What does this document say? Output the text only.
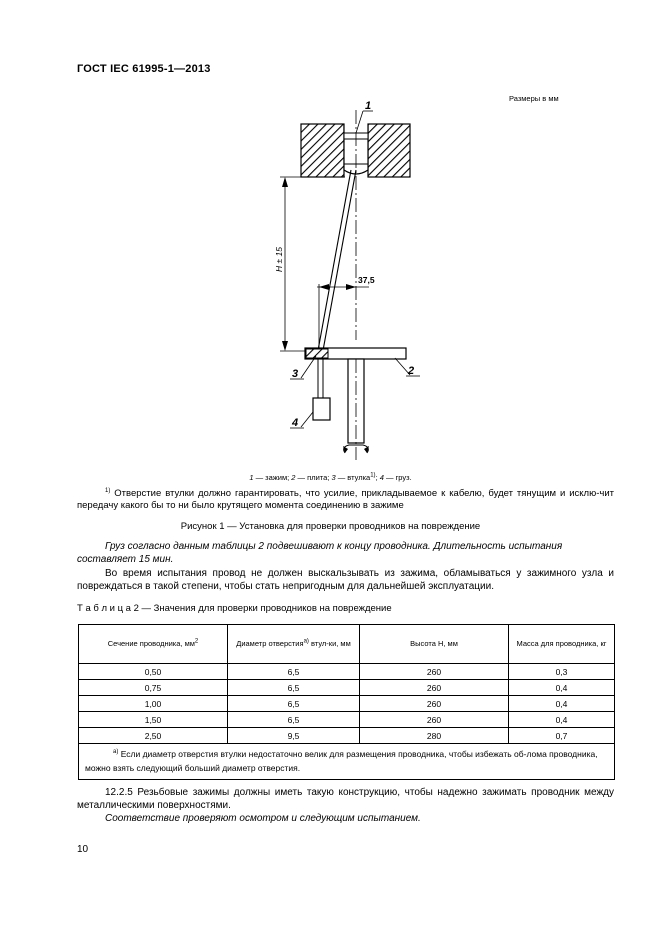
ГОСТ IEC 61995-1—2013
Размеры в мм
1
H ± 15
37,5
2
3
4
1 — зажим; 2 — плита; 3 — втулка$^{1)}$; 4 — груз.
$^{1)}$ Отверстие втулки должно гарантировать, что усилие, прикладываемое к кабелю, будет тянущим и исклю-чит передачу какого бы то ни было крутящего момента соединению в зажиме
Рисунок 1 — Установка для проверки проводников на повреждение
Груз согласно данным таблицы 2 подвешивают к концу проводника. Длительность испытания составляет 15 мин.
Во время испытания провод не должен выскальзывать из зажима, обламываться у зажимного узла и повреждаться в такой степени, чтобы стать непригодным для дальнейшей эксплуатации.
Т а б л и ц а 2 — Значения для проверки проводников на повреждение
Сечение проводника, $мм^2$	Диаметр отверстия$^{а)}$ втул-ки, мм	Высота Н, мм	Масса для проводника, кг
0,50	6,5	260	0,3
0,75	6,5	260	0,4
1,00	6,5	260	0,4
1,50	6,5	260	0,4
2,50	9,5	280	0,7
$^{а)}$ Если диаметр отверстия втулки недостаточно велик для размещения проводника, чтобы избежать об-лома проводника, можно взять следующий больший диаметр отверстия.			
12.2.5 Резьбовые зажимы должны иметь такую конструкцию, чтобы надежно зажимать проводник между металлическими поверхностями.
Соответствие проверяют осмотром и следующим испытанием.
10
